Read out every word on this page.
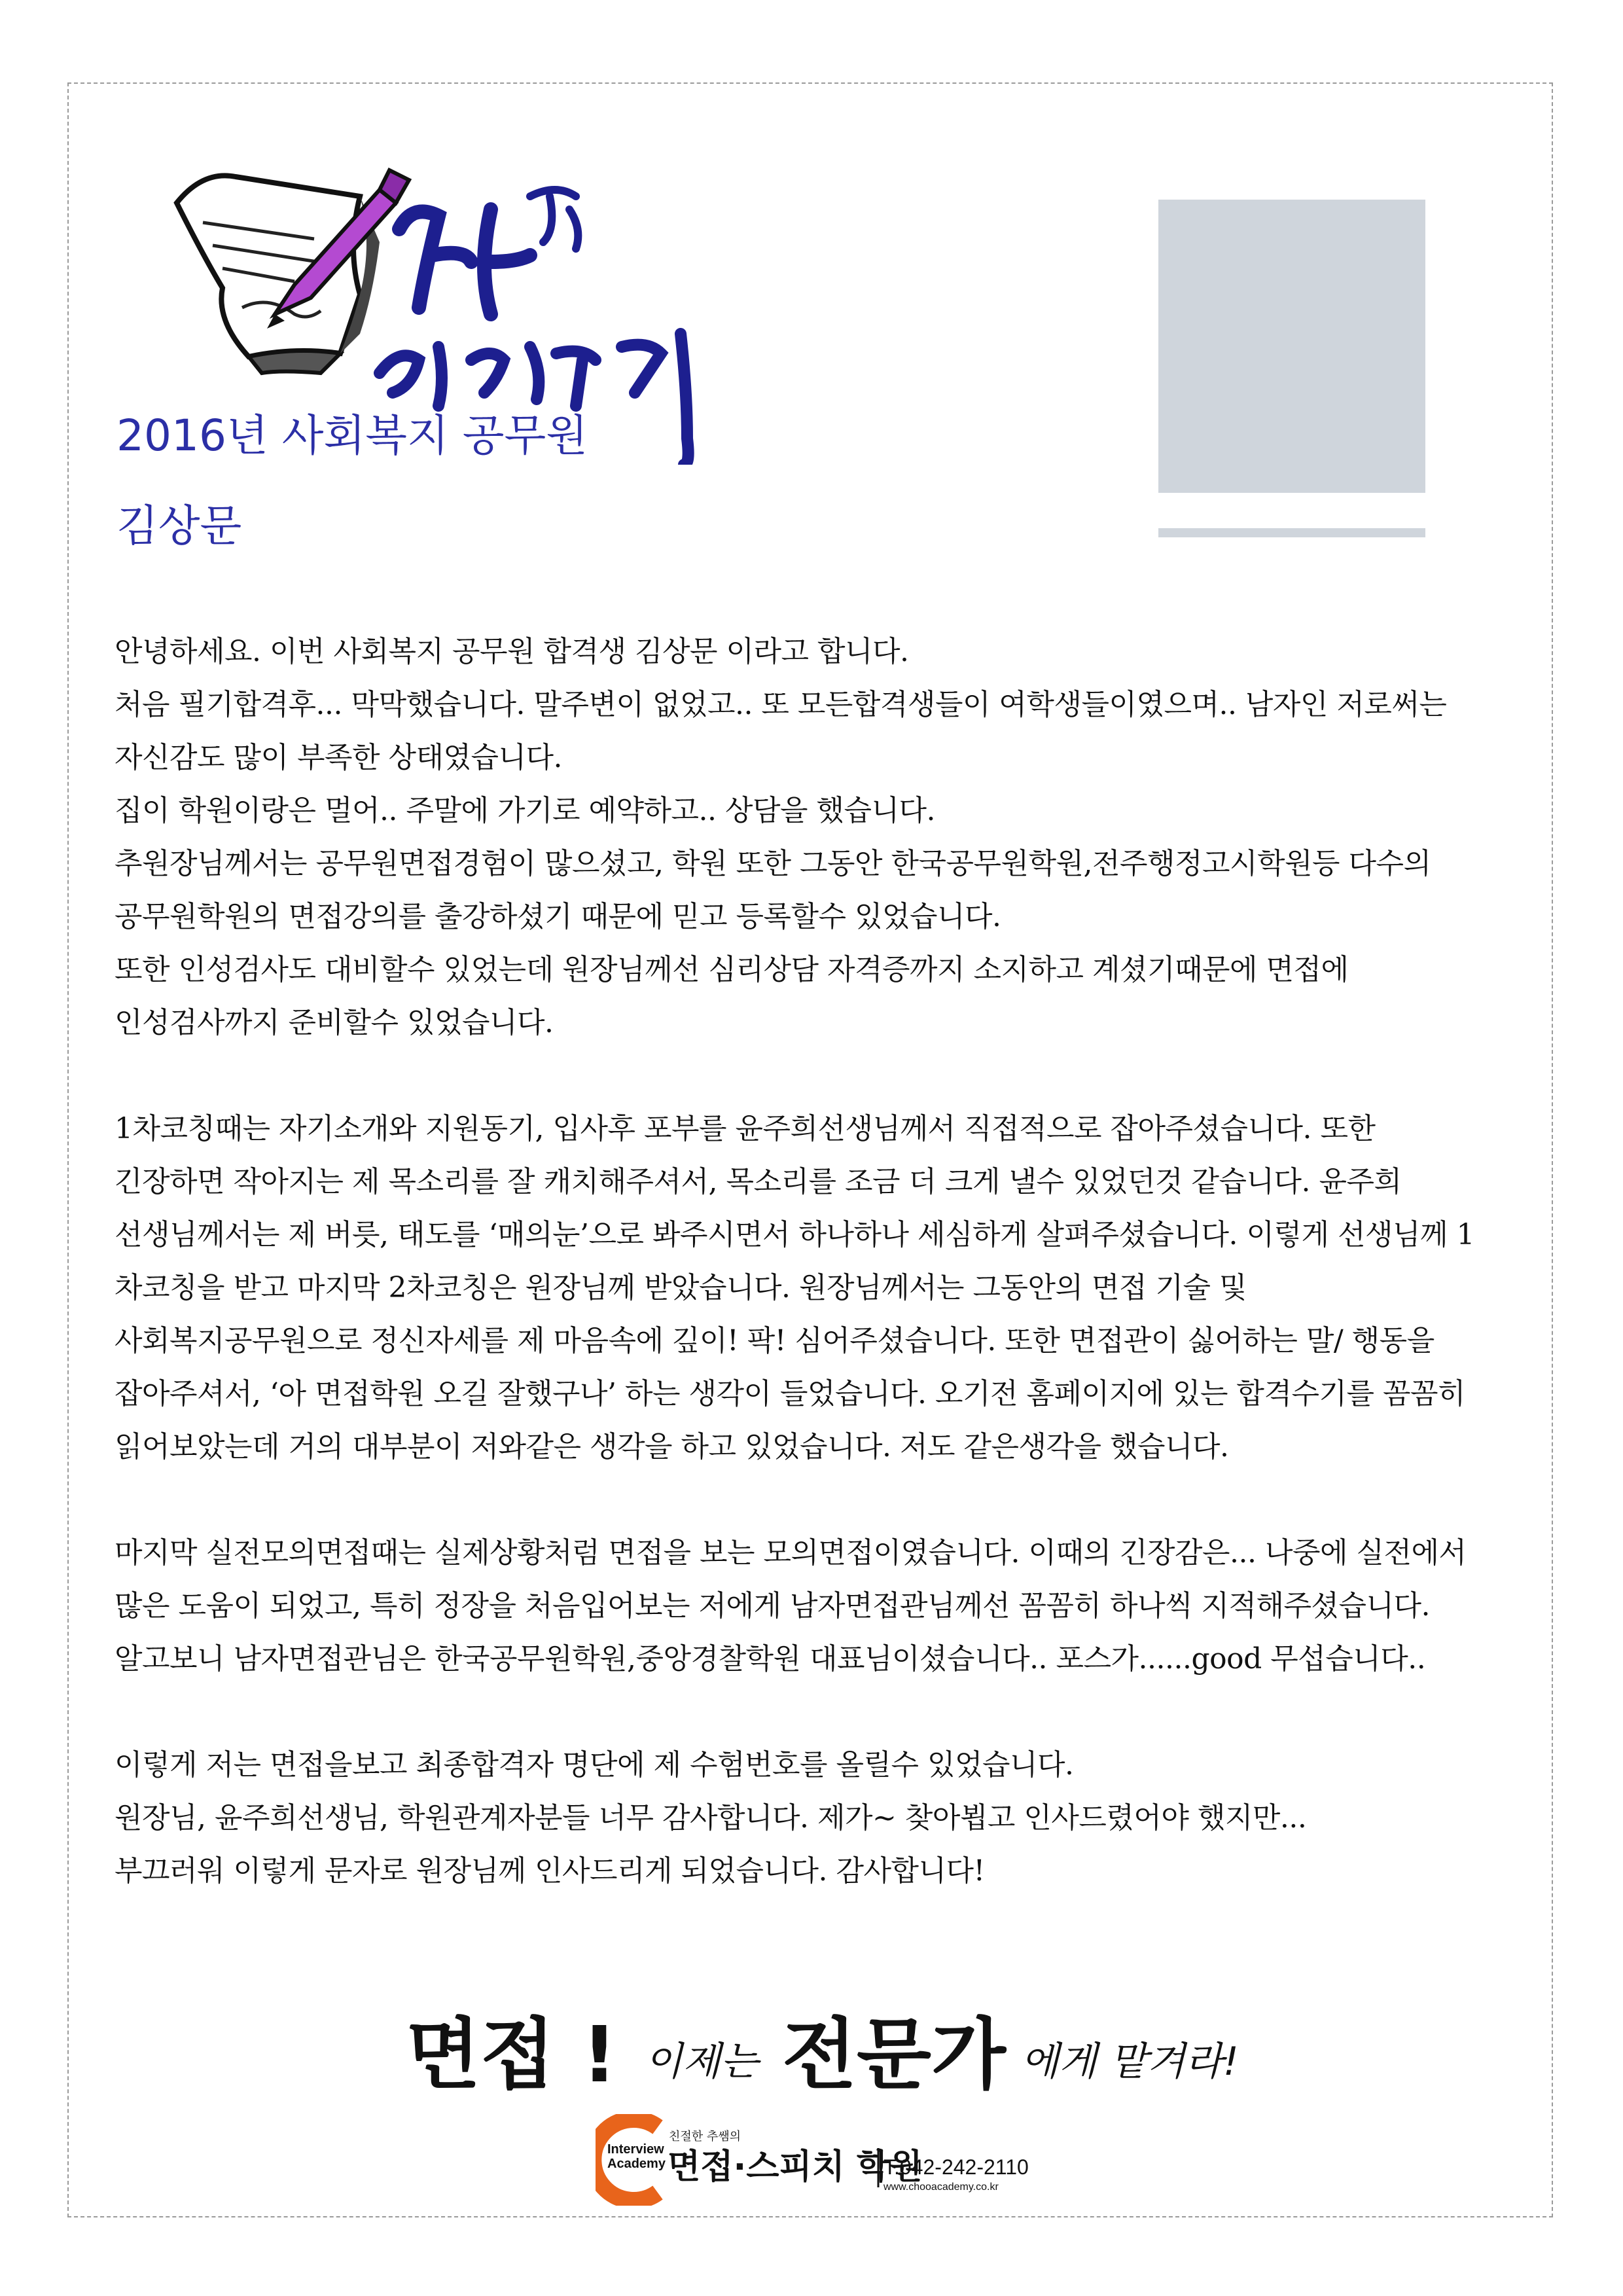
2016년 사회복지 공무원
김상문

안녕하세요. 이번 사회복지 공무원 합격생 김상문 이라고 합니다.

처음 필기합격후... 막막했습니다. 말주변이 없었고.. 또 모든합격생들이 여학생들이였으며.. 남자인 저로써는

자신감도 많이 부족한 상태였습니다.

집이 학원이랑은 멀어.. 주말에 가기로 예약하고.. 상담을 했습니다.

추원장님께서는 공무원면접경험이 많으셨고, 학원 또한 그동안 한국공무원학원,전주행정고시학원등 다수의

공무원학원의 면접강의를 출강하셨기 때문에 믿고 등록할수 있었습니다.

또한 인성검사도 대비할수 있었는데 원장님께선 심리상담 자격증까지 소지하고 계셨기때문에 면접에

인성검사까지 준비할수 있었습니다.

1차코칭때는 자기소개와 지원동기, 입사후 포부를 윤주희선생님께서 직접적으로 잡아주셨습니다. 또한

긴장하면 작아지는 제 목소리를 잘 캐치해주셔서, 목소리를 조금 더 크게 낼수 있었던것 같습니다. 윤주희

선생님께서는 제 버릇, 태도를 ‘매의눈’으로 봐주시면서 하나하나 세심하게 살펴주셨습니다. 이렇게 선생님께 1

차코칭을 받고 마지막 2차코칭은 원장님께 받았습니다. 원장님께서는 그동안의 면접 기술 및

사회복지공무원으로 정신자세를 제 마음속에 깊이! 팍! 심어주셨습니다. 또한 면접관이 싫어하는 말/ 행동을

잡아주셔서, ‘아 면접학원 오길 잘했구나’ 하는 생각이 들었습니다. 오기전 홈페이지에 있는 합격수기를 꼼꼼히

읽어보았는데 거의 대부분이 저와같은 생각을 하고 있었습니다. 저도 같은생각을 했습니다.

마지막 실전모의면접때는 실제상황처럼 면접을 보는 모의면접이였습니다. 이때의 긴장감은... 나중에 실전에서

많은 도움이 되었고, 특히 정장을 처음입어보는 저에게 남자면접관님께선 꼼꼼히 하나씩 지적해주셨습니다.

알고보니 남자면접관님은 한국공무원학원,중앙경찰학원 대표님이셨습니다.. 포스가......good 무섭습니다..

이렇게 저는 면접을보고 최종합격자 명단에 제 수험번호를 올릴수 있었습니다.

원장님, 윤주희선생님, 학원관계자분들 너무 감사합니다. 제가~ 찾아뵙고 인사드렸어야 했지만...

부끄러워 이렇게 문자로 원장님께 인사드리게 되었습니다. 감사합니다!

면접 ! 이제는 전문가 에게 맡겨라!
Interview
Academy
친절한 추쌤의
면접·스피치 학원
T.042-242-2110
www.chooacademy.co.kr
